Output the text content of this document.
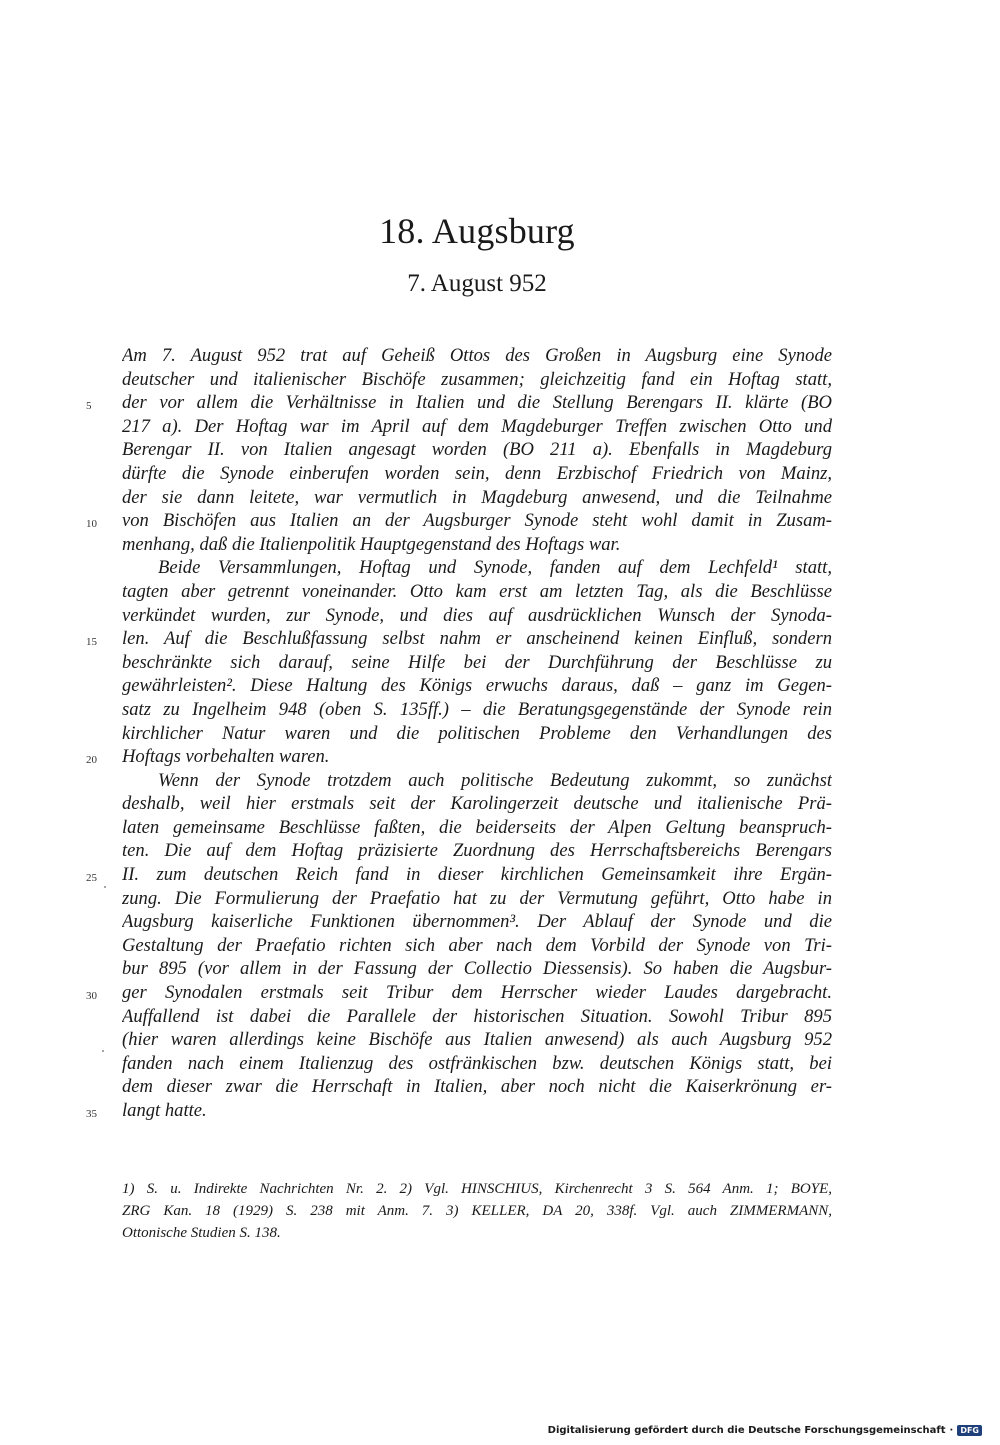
18. Augsburg
7. August 952
5
10
15
20
25
30
35
Am 7. August 952 trat auf Geheiß Ottos des Großen in Augsburg eine Synode
deutscher und italienischer Bischöfe zusammen; gleichzeitig fand ein Hoftag statt,
der vor allem die Verhältnisse in Italien und die Stellung Berengars II. klärte (BO
217 a). Der Hoftag war im April auf dem Magdeburger Treffen zwischen Otto und
Berengar II. von Italien angesagt worden (BO 211 a). Ebenfalls in Magdeburg
dürfte die Synode einberufen worden sein, denn Erzbischof Friedrich von Mainz,
der sie dann leitete, war vermutlich in Magdeburg anwesend, und die Teilnahme
von Bischöfen aus Italien an der Augsburger Synode steht wohl damit in Zusam-
menhang, daß die Italienpolitik Hauptgegenstand des Hoftags war.
Beide Versammlungen, Hoftag und Synode, fanden auf dem Lechfeld¹ statt,
tagten aber getrennt voneinander. Otto kam erst am letzten Tag, als die Beschlüsse
verkündet wurden, zur Synode, und dies auf ausdrücklichen Wunsch der Synoda-
len. Auf die Beschlußfassung selbst nahm er anscheinend keinen Einfluß, sondern
beschränkte sich darauf, seine Hilfe bei der Durchführung der Beschlüsse zu
gewährleisten². Diese Haltung des Königs erwuchs daraus, daß – ganz im Gegen-
satz zu Ingelheim 948 (oben S. 135ff.) – die Beratungsgegenstände der Synode rein
kirchlicher Natur waren und die politischen Probleme den Verhandlungen des
Hoftags vorbehalten waren.
Wenn der Synode trotzdem auch politische Bedeutung zukommt, so zunächst
deshalb, weil hier erstmals seit der Karolingerzeit deutsche und italienische Prä-
laten gemeinsame Beschlüsse faßten, die beiderseits der Alpen Geltung beanspruch-
ten. Die auf dem Hoftag präzisierte Zuordnung des Herrschaftsbereichs Berengars
II. zum deutschen Reich fand in dieser kirchlichen Gemeinsamkeit ihre Ergän-
zung. Die Formulierung der Praefatio hat zu der Vermutung geführt, Otto habe in
Augsburg kaiserliche Funktionen übernommen³. Der Ablauf der Synode und die
Gestaltung der Praefatio richten sich aber nach dem Vorbild der Synode von Tri-
bur 895 (vor allem in der Fassung der Collectio Diessensis). So haben die Augsbur-
ger Synodalen erstmals seit Tribur dem Herrscher wieder Laudes dargebracht.
Auffallend ist dabei die Parallele der historischen Situation. Sowohl Tribur 895
(hier waren allerdings keine Bischöfe aus Italien anwesend) als auch Augsburg 952
fanden nach einem Italienzug des ostfränkischen bzw. deutschen Königs statt, bei
dem dieser zwar die Herrschaft in Italien, aber noch nicht die Kaiserkrönung er-
langt hatte.
1) S. u. Indirekte Nachrichten Nr. 2. 2) Vgl. HINSCHIUS, Kirchenrecht 3 S. 564 Anm. 1; BOYE,
ZRG Kan. 18 (1929) S. 238 mit Anm. 7. 3) KELLER, DA 20, 338f. Vgl. auch ZIMMERMANN,
Ottonische Studien S. 138.
Digitalisierung gefördert durch die Deutsche Forschungsgemeinschaft · DFG
